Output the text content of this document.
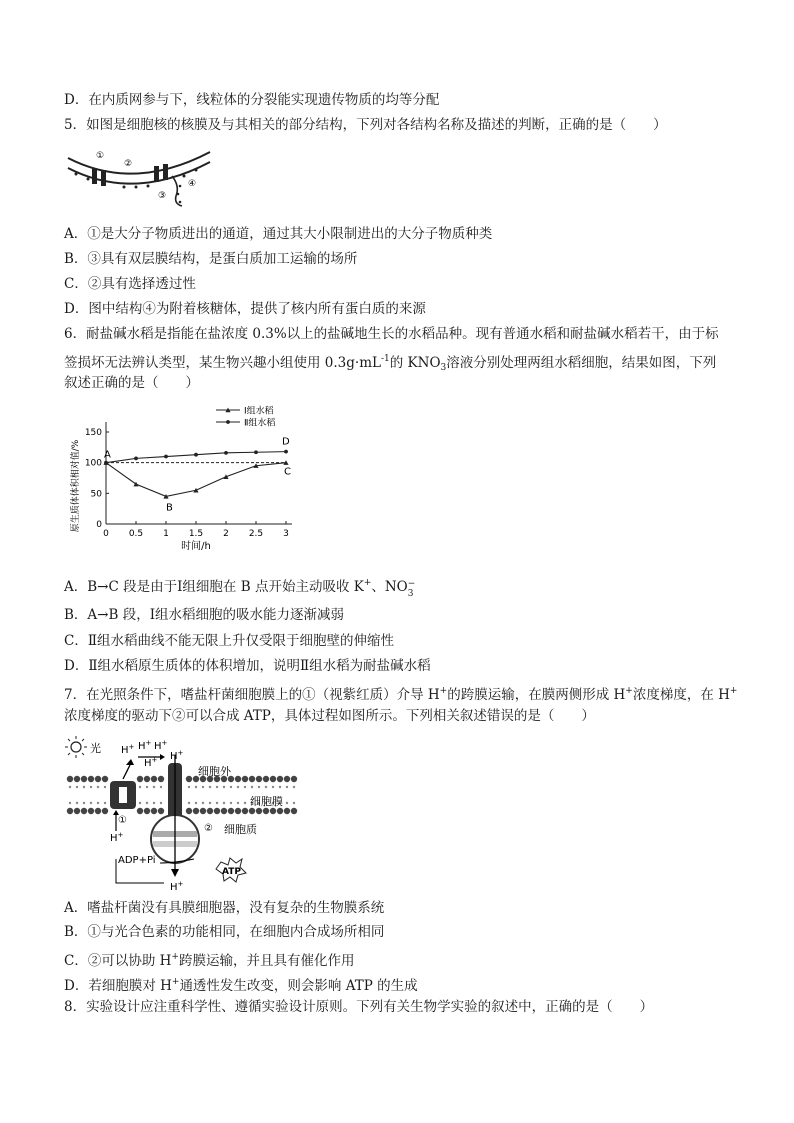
D．在内质网参与下，线粒体的分裂能实现遗传物质的均等分配
5．如图是细胞核的核膜及与其相关的部分结构，下列对各结构名称及描述的判断，正确的是（　　）
①
②
③
④
A．①是大分子物质进出的通道，通过其大小限制进出的大分子物质种类
B．③具有双层膜结构，是蛋白质加工运输的场所
C．②具有选择透过性
D．图中结构④为附着核糖体，提供了核内所有蛋白质的来源
6．耐盐碱水稻是指能在盐浓度 0.3%以上的盐碱地生长的水稻品种。现有普通水稻和耐盐碱水稻若干，由于标
签损坏无法辨认类型，某生物兴趣小组使用 $0.3g\cdot mL^{-1}$的 $KNO_3$溶液分别处理两组水稻细胞，结果如图，下列
叙述正确的是（　　）
0 0.5 1 1.5 2 2.5 3
0
50
100
150
A
B
C
D
Ⅰ组水稻
Ⅱ组水稻
时间/h
原生质体体积相对值/%
A．B→C 段是由于Ⅰ组细胞在 B 点开始主动吸收 K+、NO −
3
B．A→B 段，Ⅰ组水稻细胞的吸水能力逐渐减弱
C．Ⅱ组水稻曲线不能无限上升仅受限于细胞壁的伸缩性
D．Ⅱ组水稻原生质体的体积增加，说明Ⅱ组水稻为耐盐碱水稻
7．在光照条件下，嗜盐杆菌细胞膜上的①（视紫红质）介导 H+的跨膜运输，在膜两侧形成 H+浓度梯度，在 H+
浓度梯度的驱动下②可以合成 ATP，具体过程如图所示。下列相关叙述错误的是（　　）
光 H+ H+ H+
H+
H+
H+
H+
细胞外
细胞膜
细胞质
①
②
ADP+Pi
ATP
A．嗜盐杆菌没有具膜细胞器，没有复杂的生物膜系统
B．①与光合色素的功能相同，在细胞内合成场所相同
C．②可以协助 H+跨膜运输，并且具有催化作用
D．若细胞膜对 H+通透性发生改变，则会影响 ATP 的生成
8．实验设计应注重科学性、遵循实验设计原则。下列有关生物学实验的叙述中，正确的是（　　）
